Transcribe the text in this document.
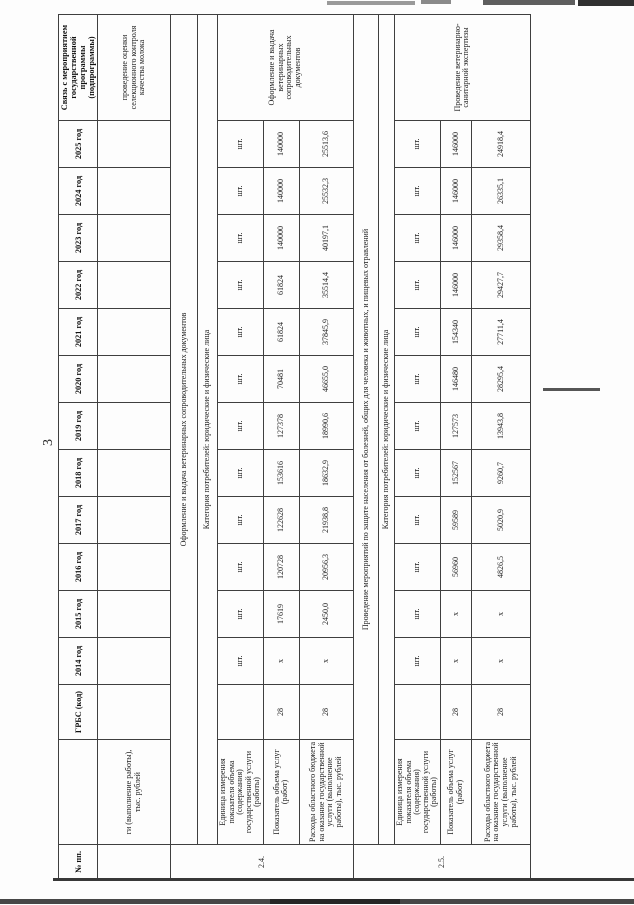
3
№ пп.		ГРБС (код)	2014 год	2015 год	2016 год	2017 год	2018 год	2019 год	2020 год	2021 год	2022 год	2023 год	2024 год	2025 год	Связь с мероприятием государственной программы (подпрограммы)
	ги (выполнение работы), тыс. рублей														проведение оценки селекционного контроля качества молока
2.4.	Оформление и выдача ветеринарных сопроводительных документов														
	Категория потребителей: юридические и физические лица														
	Единица измерения показателя объема (содержания) государственной услуги (работы)		шт.	шт.	шт.	шт.	шт.	шт.	шт.	шт.	шт.	шт.	шт.	шт.	Оформление и выдача ветеринарных сопроводительных документов
	Показатель объема услуг (работ)	28	х	17619	120728	122628	153616	127378	70481	61824	61824	140000	140000	140000	
	Расходы областного бюджета на оказание государственной услуги (выполнение работы), тыс. рублей	28	х	2450,0	20956,3	21938,8	18632,9	18990,6	46655,0	37845,9	35514,4	40197,1	25532,3	25513,6	
2.5.	Проведение мероприятий по защите населения от болезней, общих для человека и животных, и пищевых отравлений														
	Категория потребителей: юридические и физические лица														
	Единица измерения показателя объема (содержания) государственной услуги (работы)		шт.	шт.	шт.	шт.	шт.	шт.	шт.	шт.	шт.	шт.	шт.	шт.	Проведение ветеринарно-санитарной экспертизы
	Показатель объема услуг (работ)	28	х	х	56960	59589	152567	127573	146480	154340	146000	146000	146000	146000	
	Расходы областного бюджета на оказание государственной услуги (выполнение работы), тыс. рублей	28	х	х	4826,5	5020,9	9260,7	13943,8	28295,4	27711,4	29427,7	29358,4	26335,1	24918,4	
